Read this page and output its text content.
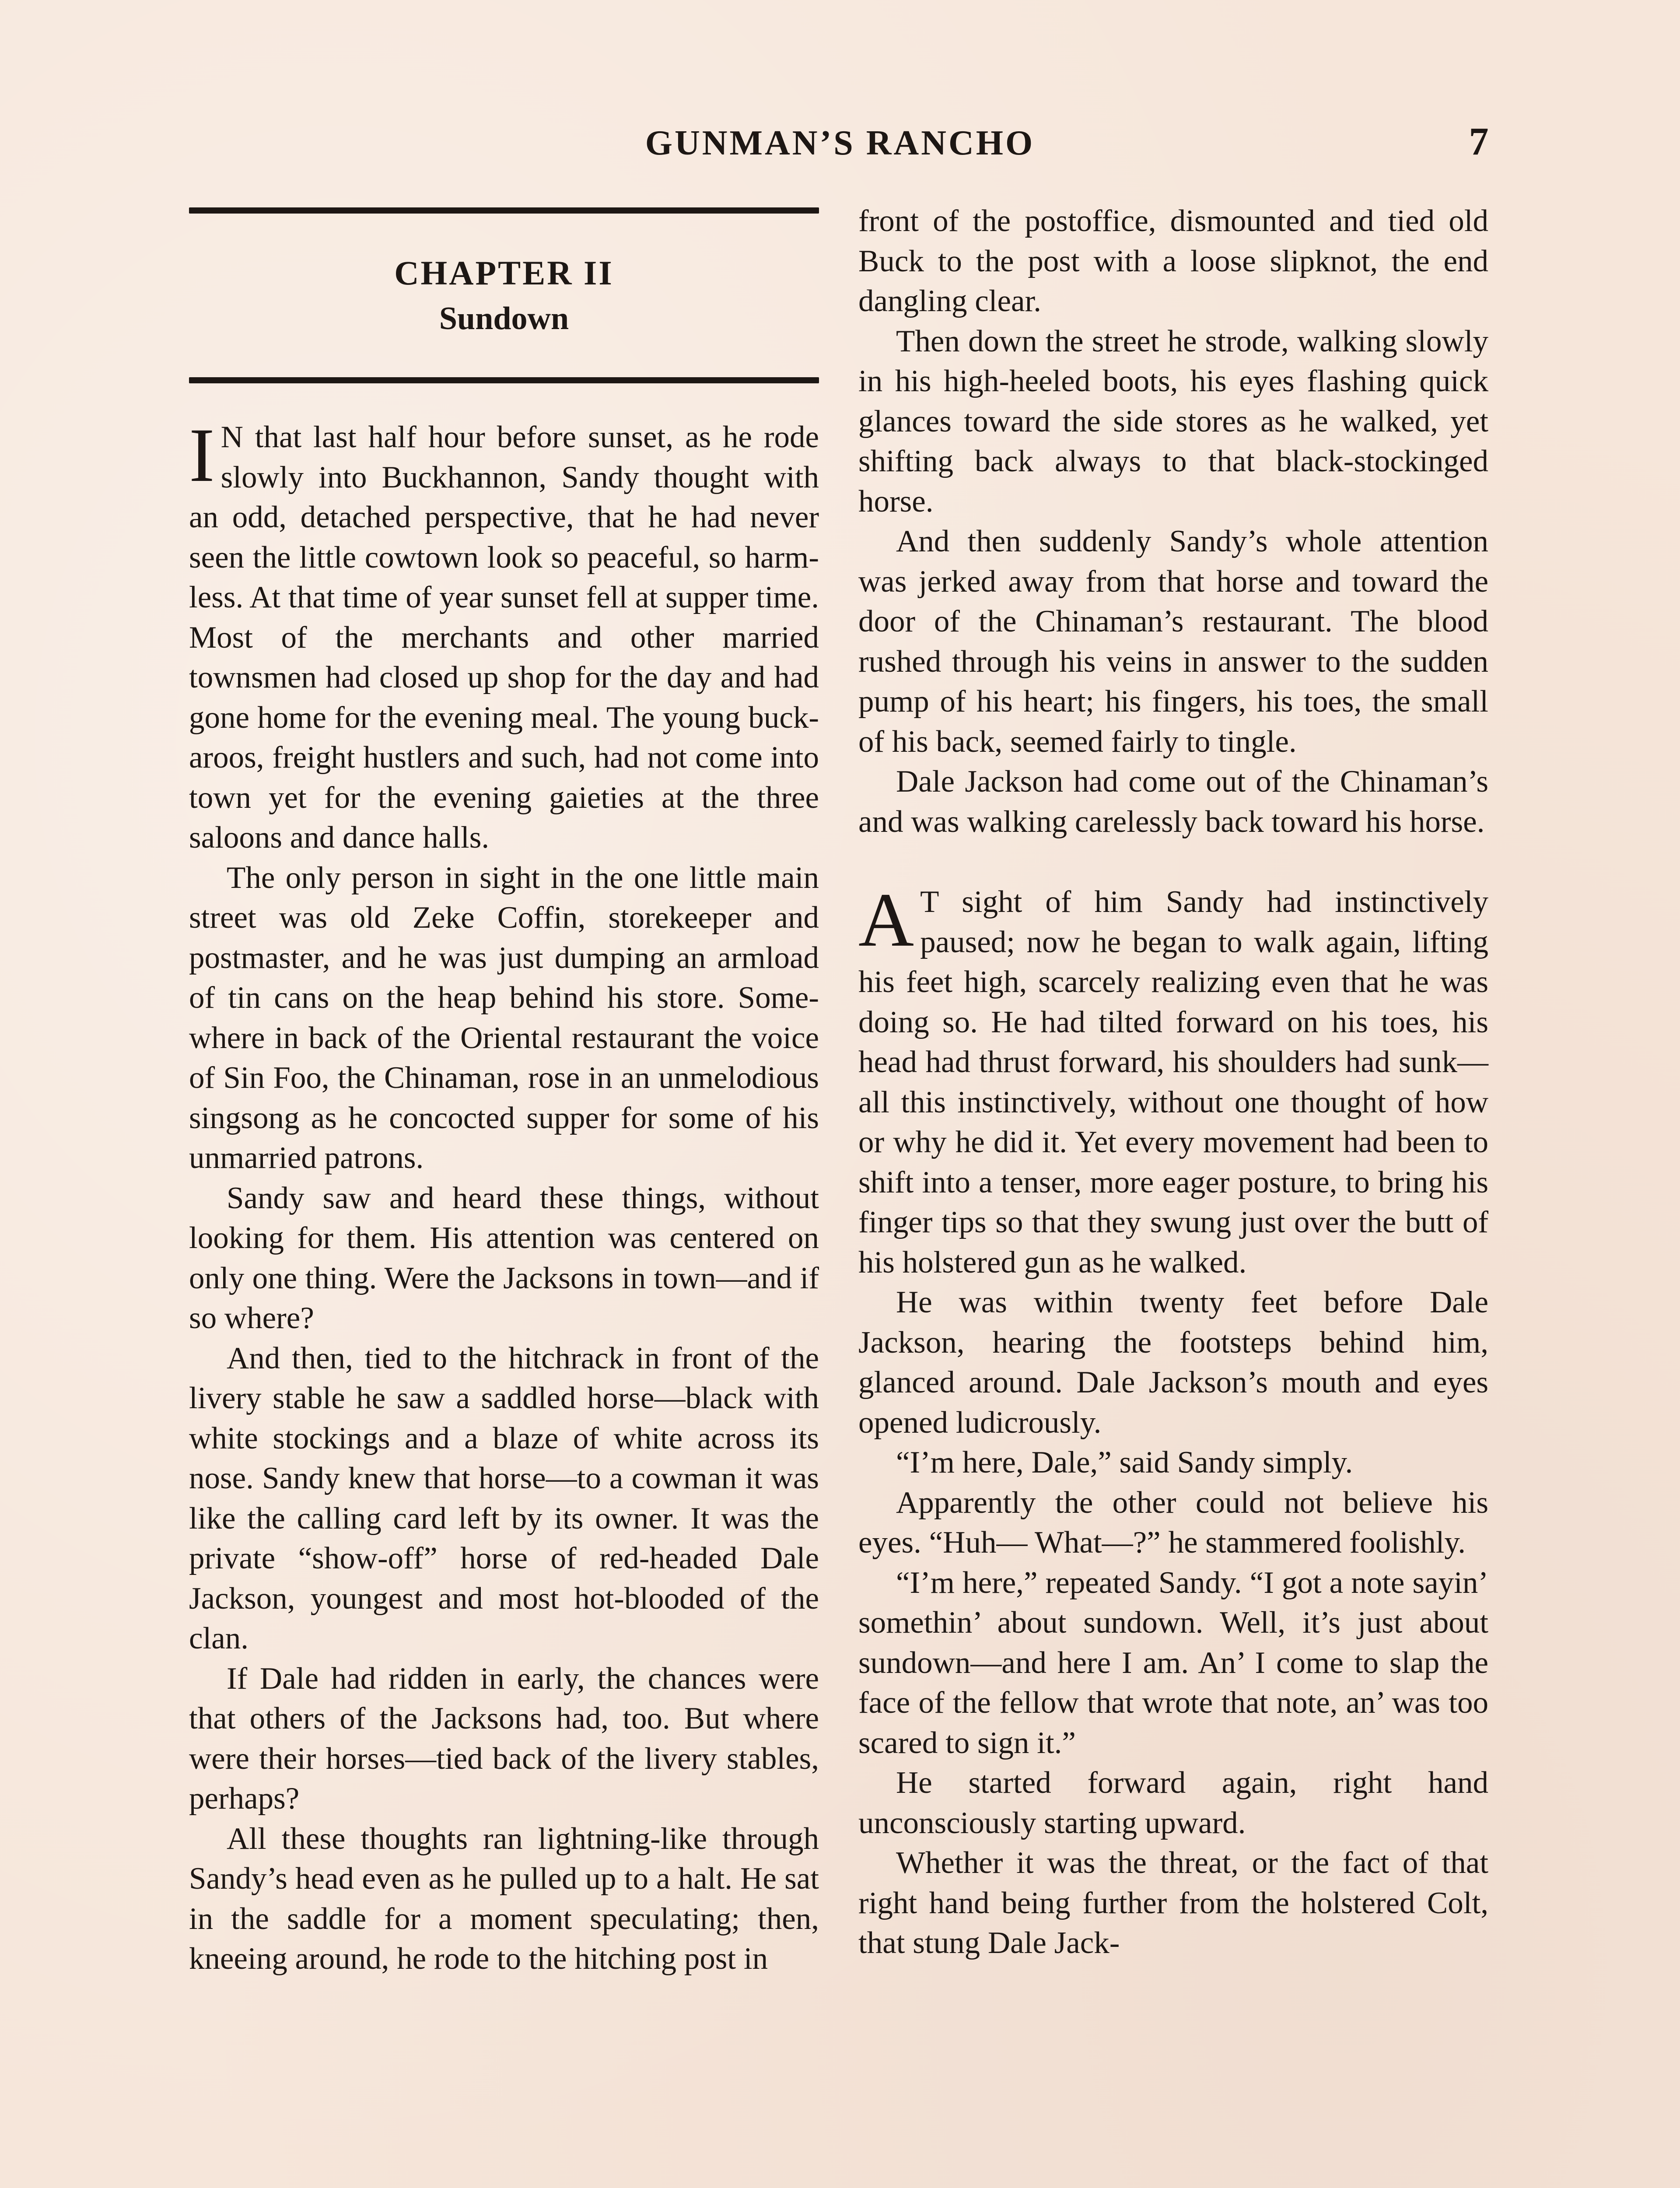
GUNMAN’S RANCHO	7
CHAPTER II
Sundown

I N that last half hour before sunset, as he rode slowly into Buckhannon, Sandy thought with an odd, detached perspective, that he had never seen the little cowtown look so peaceful, so harmless. At that time of year sunset fell at supper time. Most of the merchants and other married townsmen had closed up shop for the day and had gone home for the evening meal. The young buckaroos, freight hustlers and such, had not come into town yet for the evening gaieties at the three saloons and dance halls.

The only person in sight in the one little main street was old Zeke Coffin, storekeeper and postmaster, and he was just dumping an armload of tin cans on the heap behind his store. Somewhere in back of the Oriental restaurant the voice of Sin Foo, the Chinaman, rose in an unmelodious singsong as he concocted supper for some of his unmarried patrons.

Sandy saw and heard these things, without looking for them. His attention was centered on only one thing. Were the Jacksons in town—and if so where?

And then, tied to the hitchrack in front of the livery stable he saw a saddled horse—black with white stockings and a blaze of white across its nose. Sandy knew that horse—to a cowman it was like the calling card left by its owner. It was the private “show-off” horse of red-headed Dale Jackson, youngest and most hot-blooded of the clan.

If Dale had ridden in early, the chances were that others of the Jacksons had, too. But where were their horses—tied back of the livery stables, perhaps?

All these thoughts ran lightning-like through Sandy’s head even as he pulled up to a halt. He sat in the saddle for a moment speculating; then, kneeing around, he rode to the hitching post in

front of the postoffice, dismounted and tied old Buck to the post with a loose slipknot, the end dangling clear.

Then down the street he strode, walking slowly in his high-heeled boots, his eyes flashing quick glances toward the side stores as he walked, yet shifting back always to that black-stockinged horse.

And then suddenly Sandy’s whole attention was jerked away from that horse and toward the door of the Chinaman’s restaurant. The blood rushed through his veins in answer to the sudden pump of his heart; his fingers, his toes, the small of his back, seemed fairly to tingle.

Dale Jackson had come out of the Chinaman’s and was walking carelessly back toward his horse.

A T sight of him Sandy had instinctively paused; now he began to walk again, lifting his feet high, scarcely realizing even that he was doing so. He had tilted forward on his toes, his head had thrust forward, his shoulders had sunk—all this instinctively, without one thought of how or why he did it. Yet every movement had been to shift into a tenser, more eager posture, to bring his finger tips so that they swung just over the butt of his holstered gun as he walked.

He was within twenty feet before Dale Jackson, hearing the footsteps behind him, glanced around. Dale Jackson’s mouth and eyes opened ludicrously.

“I’m here, Dale,” said Sandy simply.

Apparently the other could not believe his eyes. “Huh— What—?” he stammered foolishly.

“I’m here,” repeated Sandy. “I got a note sayin’ somethin’ about sundown. Well, it’s just about sundown—and here I am. An’ I come to slap the face of the fellow that wrote that note, an’ was too scared to sign it.”

He started forward again, right hand unconsciously starting upward.

Whether it was the threat, or the fact of that right hand being further from the holstered Colt, that stung Dale Jack-
